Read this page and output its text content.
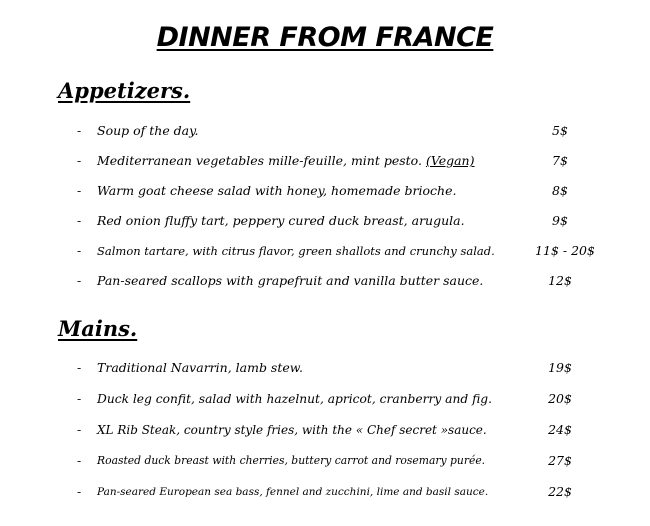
DINNER FROM FRANCE
Appetizers.
- Soup of the day.	5$
- Mediterranean vegetables mille-feuille, mint pesto. (Vegan)	7$
- Warm goat cheese salad with honey, homemade brioche.	8$
- Red onion fluffy tart, peppery cured duck breast, arugula.	9$
- Salmon tartare, with citrus flavor, green shallots and crunchy salad.	11$ - 20$
- Pan-seared scallops with grapefruit and vanilla butter sauce.	12$
Mains.
- Traditional Navarrin, lamb stew.	19$
- Duck leg confit, salad with hazelnut, apricot, cranberry and fig.	20$
- XL Rib Steak, country style fries, with the « Chef secret »sauce.	24$
- Roasted duck breast with cherries, buttery carrot and rosemary purée.	27$
- Pan-seared European sea bass, fennel and zucchini, lime and basil sauce.	22$
